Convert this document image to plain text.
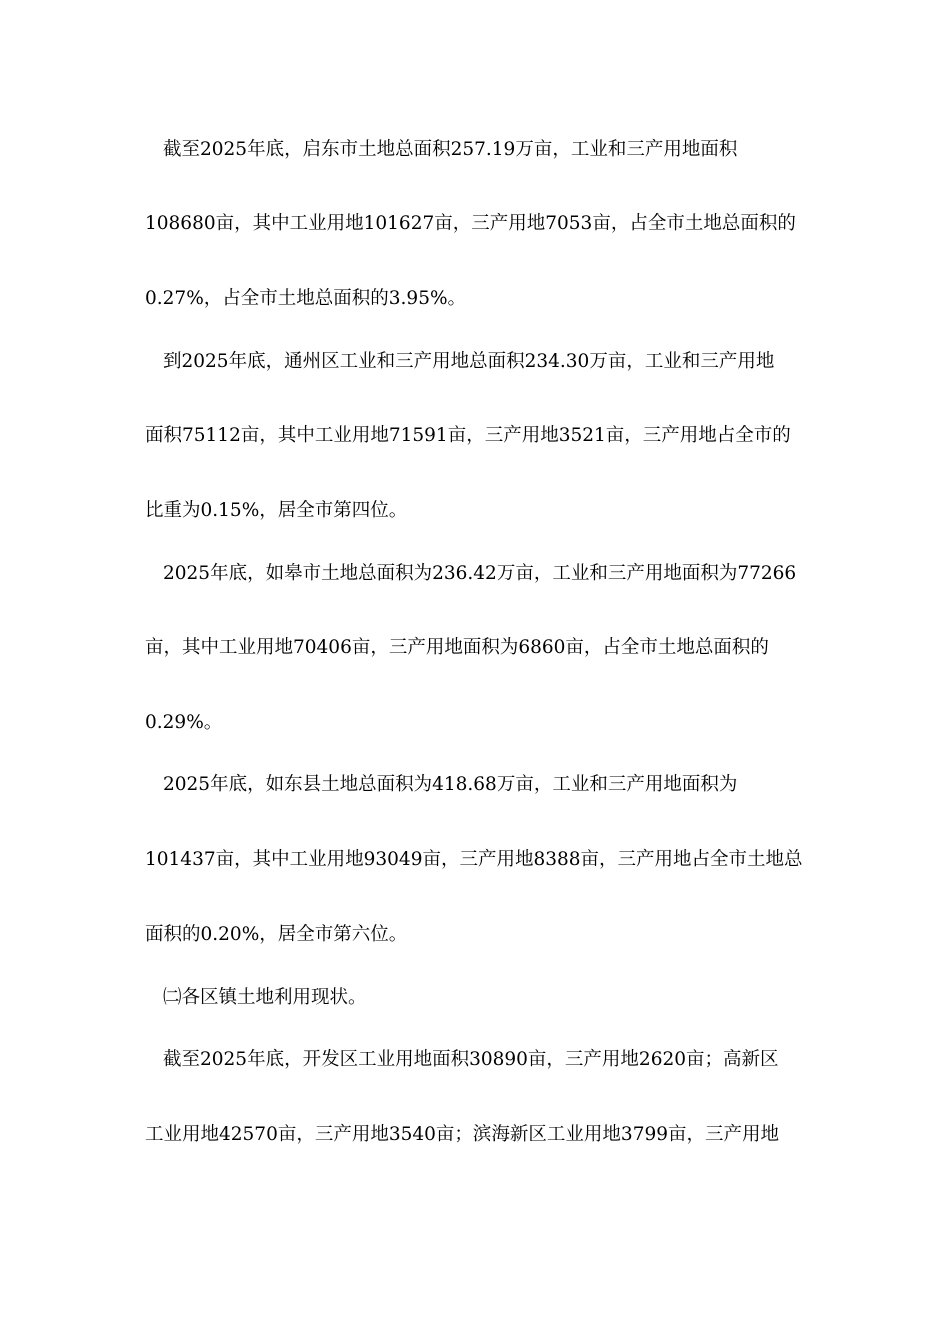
截至2025年底，启东市土地总面积257.19万亩，工业和三产用地面积
108680亩，其中工业用地101627亩，三产用地7053亩，占全市土地总面积的
0.27%，占全市土地总面积的3.95%。
到2025年底，通州区工业和三产用地总面积234.30万亩，工业和三产用地
面积75112亩，其中工业用地71591亩，三产用地3521亩，三产用地占全市的
比重为0.15%，居全市第四位。
2025年底，如皋市土地总面积为236.42万亩，工业和三产用地面积为77266
亩，其中工业用地70406亩，三产用地面积为6860亩，占全市土地总面积的
0.29%。
2025年底，如东县土地总面积为418.68万亩，工业和三产用地面积为
101437亩，其中工业用地93049亩，三产用地8388亩，三产用地占全市土地总
面积的0.20%，居全市第六位。
㈡各区镇土地利用现状。
截至2025年底，开发区工业用地面积30890亩，三产用地2620亩；高新区
工业用地42570亩，三产用地3540亩；滨海新区工业用地3799亩，三产用地
